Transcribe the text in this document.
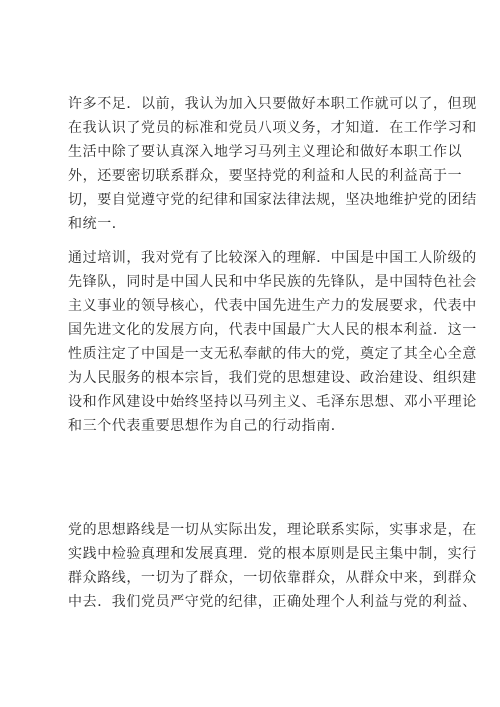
许多不足．以前，我认为加入只要做好本职工作就可以了，但现
在我认识了党员的标准和党员八项义务，才知道．在工作学习和
生活中除了要认真深入地学习马列主义理论和做好本职工作以
外，还要密切联系群众，要坚持党的利益和人民的利益高于一
切，要自觉遵守党的纪律和国家法律法规，坚决地维护党的团结
和统一．
通过培训，我对党有了比较深入的理解．中国是中国工人阶级的
先锋队，同时是中国人民和中华民族的先锋队，是中国特色社会
主义事业的领导核心，代表中国先进生产力的发展要求，代表中
国先进文化的发展方向，代表中国最广大人民的根本利益．这一
性质注定了中国是一支无私奉献的伟大的党，奠定了其全心全意
为人民服务的根本宗旨，我们党的思想建设、政治建设、组织建
设和作风建设中始终坚持以马列主义、毛泽东思想、邓小平理论
和三个代表重要思想作为自己的行动指南．
党的思想路线是一切从实际出发，理论联系实际，实事求是，在
实践中检验真理和发展真理．党的根本原则是民主集中制，实行
群众路线，一切为了群众，一切依靠群众，从群众中来，到群众
中去．我们党员严守党的纪律，正确处理个人利益与党的利益、
